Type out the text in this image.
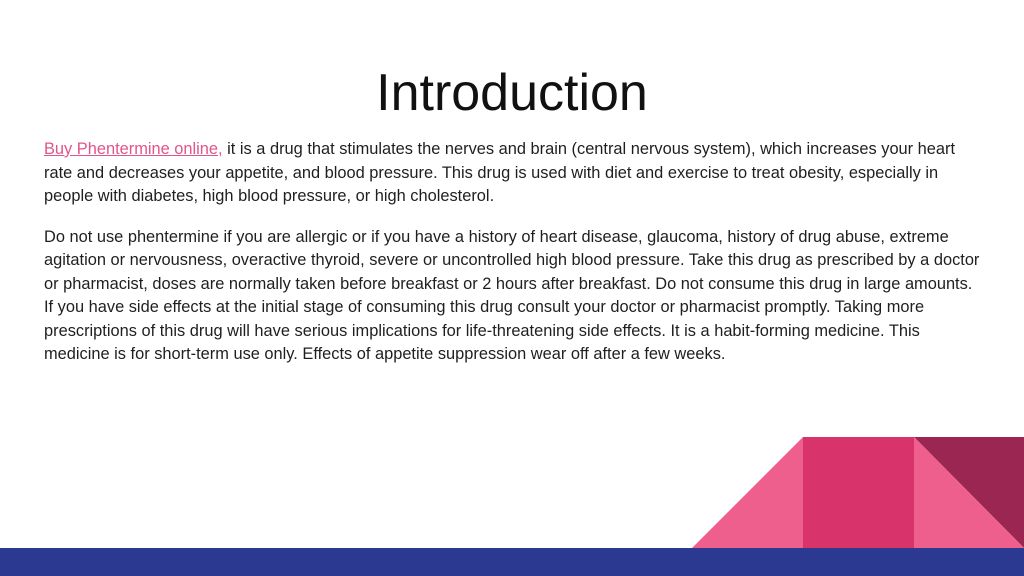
Introduction

Buy Phentermine online, it is a drug that stimulates the nerves and brain (central nervous system), which increases your heart rate and decreases your appetite, and blood pressure. This drug is used with diet and exercise to treat obesity, especially in people with diabetes, high blood pressure, or high cholesterol.

Do not use phentermine if you are allergic or if you have a history of heart disease, glaucoma, history of drug abuse, extreme agitation or nervousness, overactive thyroid, severe or uncontrolled high blood pressure. Take this drug as prescribed by a doctor or pharmacist, doses are normally taken before breakfast or 2 hours after breakfast. Do not consume this drug in large amounts. If you have side effects at the initial stage of consuming this drug consult your doctor or pharmacist promptly. Taking more prescriptions of this drug will have serious implications for life-threatening side effects. It is a habit-forming medicine. This medicine is for short-term use only. Effects of appetite suppression wear off after a few weeks.
